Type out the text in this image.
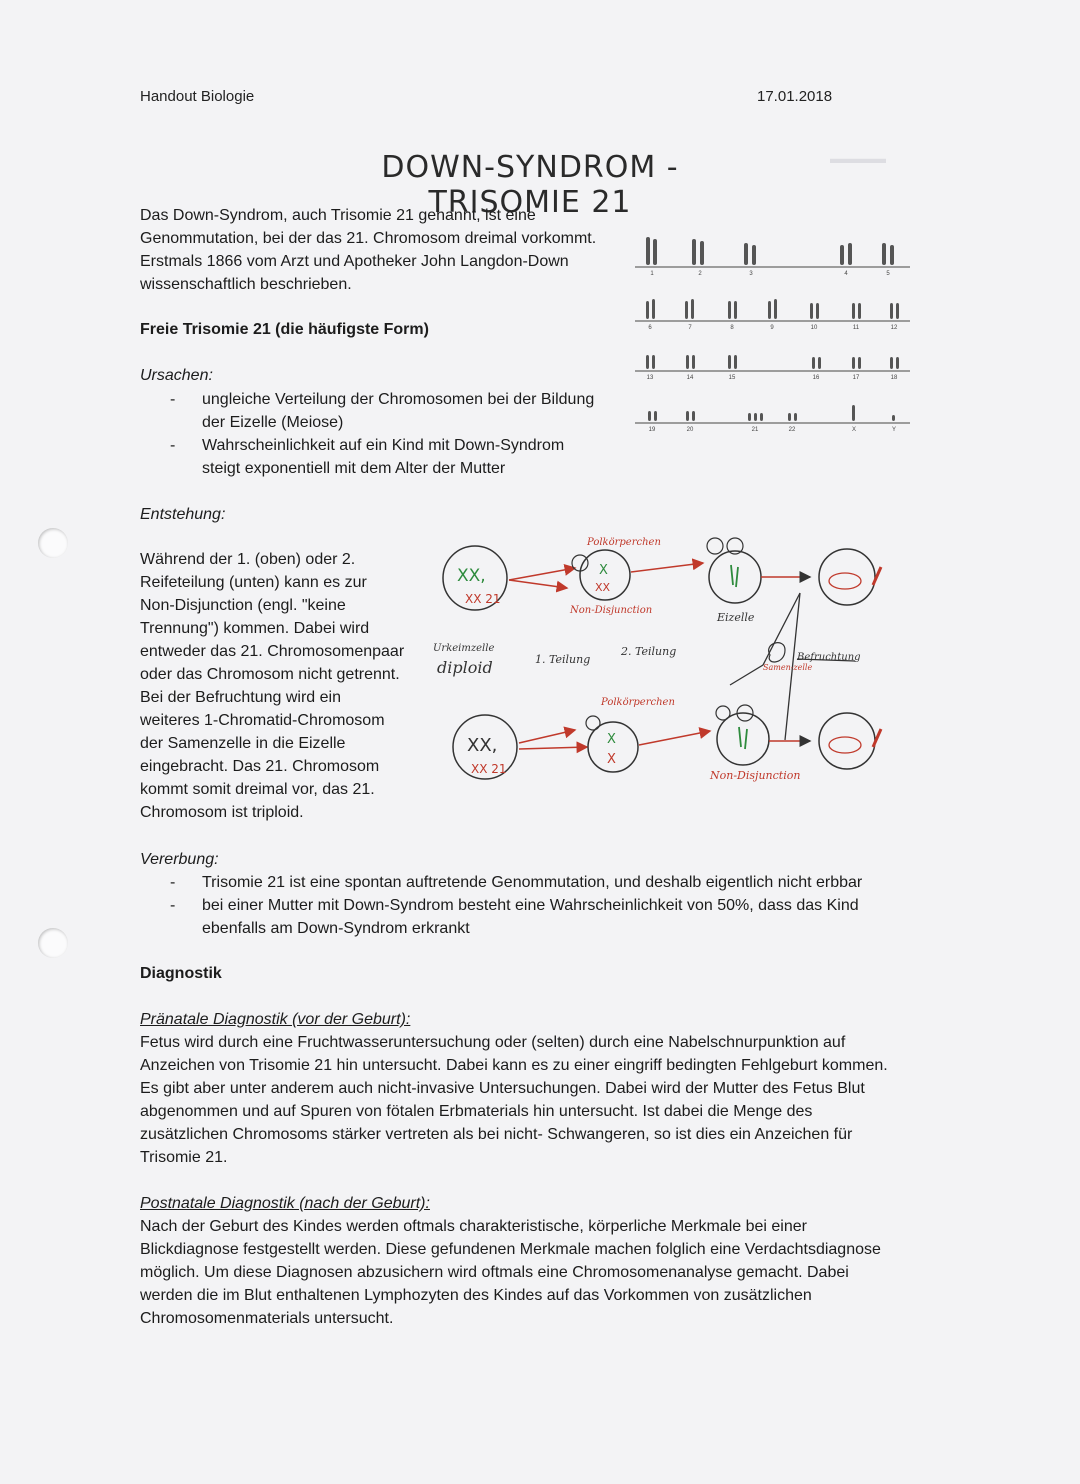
▬▬▬▬
Handout Biologie	17.01.2018
DOWN-SYNDROM - TRISOMIE 21
Das Down-Syndrom, auch Trisomie 21 genannt, ist eine
Genommutation, bei der das 21. Chromosom dreimal vorkommt.
Erstmals 1866 vom Arzt und Apotheker John Langdon-Down
wissenschaftlich beschrieben.
Freie Trisomie 21 (die häufigste Form)
Ursachen:
- ungleiche Verteilung der Chromosomen bei der Bildung
der Eizelle (Meiose)
- Wahrscheinlichkeit auf ein Kind mit Down-Syndrom
steigt exponentiell mit dem Alter der Mutter
Entstehung:
Während der 1. (oben) oder 2.
Reifeteilung (unten) kann es zur
Non-Disjunction (engl. "keine
Trennung") kommen. Dabei wird
entweder das 21. Chromosomenpaar
oder das Chromosom nicht getrennt.
Bei der Befruchtung wird ein
weiteres 1-Chromatid-Chromosom
der Samenzelle in die Eizelle
eingebracht. Das 21. Chromosom
kommt somit dreimal vor, das 21.
Chromosom ist triploid.
Vererbung:
- Trisomie 21 ist eine spontan auftretende Genommutation, und deshalb eigentlich nicht erbbar
- bei einer Mutter mit Down-Syndrom besteht eine Wahrscheinlichkeit von 50%, dass das Kind
ebenfalls am Down-Syndrom erkrankt
1	2	3	4	5
6	7	8	9	10	11	12
13	14	15	16	17	18
19	20	21	22	X	Y
XX,
XX 21
X
XX
Polkörperchen
Non-Disjunction
Eizelle
Urkeimzelle
diploid	1. Teilung
2. Teilung
Samen-zelle
Befruchtung
XX,
XX 21
X
X
Polkörperchen
Non-Disjunction
Diagnostik
Pränatale Diagnostik (vor der Geburt):
Fetus wird durch eine Fruchtwasseruntersuchung oder (selten) durch eine Nabelschnurpunktion auf
Anzeichen von Trisomie 21 hin untersucht. Dabei kann es zu einer eingriff bedingten Fehlgeburt kommen.
Es gibt aber unter anderem auch nicht-invasive Untersuchungen. Dabei wird der Mutter des Fetus Blut
abgenommen und auf Spuren von fötalen Erbmaterials hin untersucht. Ist dabei die Menge des
zusätzlichen Chromosoms stärker vertreten als bei nicht- Schwangeren, so ist dies ein Anzeichen für
Trisomie 21.
Postnatale Diagnostik (nach der Geburt):
Nach der Geburt des Kindes werden oftmals charakteristische, körperliche Merkmale bei einer
Blickdiagnose festgestellt werden. Diese gefundenen Merkmale machen folglich eine Verdachtsdiagnose
möglich. Um diese Diagnosen abzusichern wird oftmals eine Chromosomenanalyse gemacht. Dabei
werden die im Blut enthaltenen Lymphozyten des Kindes auf das Vorkommen von zusätzlichen
Chromosomenmaterials untersucht.
